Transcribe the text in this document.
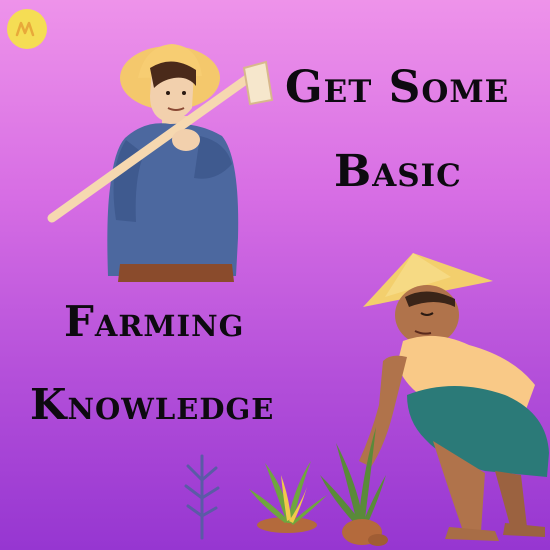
Get Some
Basic
Farming
Knowledge
